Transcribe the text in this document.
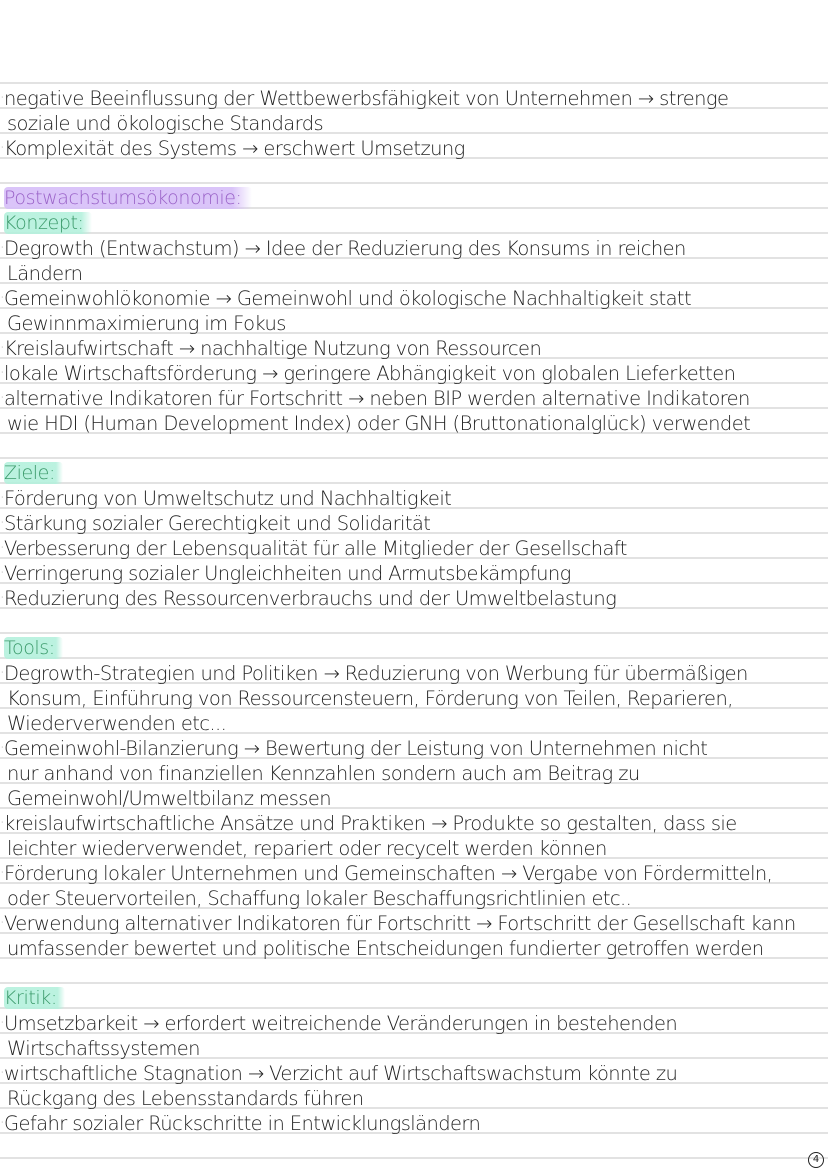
· negative Beeinflussung der Wettbewerbsfähigkeit von Unternehmen → strenge
soziale und ökologische Standards
· Komplexität des Systems → erschwert Umsetzung
Postwachstumsökonomie:
Konzept:
· Degrowth (Entwachstum) → Idee der Reduzierung des Konsums in reichen
Ländern
· Gemeinwohlökonomie → Gemeinwohl und ökologische Nachhaltigkeit statt
Gewinnmaximierung im Fokus
· Kreislaufwirtschaft → nachhaltige Nutzung von Ressourcen
· lokale Wirtschaftsförderung → geringere Abhängigkeit von globalen Lieferketten
· alternative Indikatoren für Fortschritt → neben BIP werden alternative Indikatoren
wie HDI (Human Development Index) oder GNH (Bruttonationalglück) verwendet
Ziele:
· Förderung von Umweltschutz und Nachhaltigkeit
· Stärkung sozialer Gerechtigkeit und Solidarität
· Verbesserung der Lebensqualität für alle Mitglieder der Gesellschaft
· Verringerung sozialer Ungleichheiten und Armutsbekämpfung
· Reduzierung des Ressourcenverbrauchs und der Umweltbelastung
Tools:
· Degrowth-Strategien und Politiken → Reduzierung von Werbung für übermäßigen
Konsum, Einführung von Ressourcensteuern, Förderung von Teilen, Reparieren,
Wiederverwenden etc...
· Gemeinwohl-Bilanzierung → Bewertung der Leistung von Unternehmen nicht
nur anhand von finanziellen Kennzahlen sondern auch am Beitrag zu
Gemeinwohl/Umweltbilanz messen
· kreislaufwirtschaftliche Ansätze und Praktiken → Produkte so gestalten, dass sie
leichter wiederverwendet, repariert oder recycelt werden können
· Förderung lokaler Unternehmen und Gemeinschaften → Vergabe von Fördermitteln,
oder Steuervorteilen, Schaffung lokaler Beschaffungsrichtlinien etc..
· Verwendung alternativer Indikatoren für Fortschritt → Fortschritt der Gesellschaft kann
umfassender bewertet und politische Entscheidungen fundierter getroffen werden
Kritik:
· Umsetzbarkeit → erfordert weitreichende Veränderungen in bestehenden
Wirtschaftssystemen
· wirtschaftliche Stagnation → Verzicht auf Wirtschaftswachstum könnte zu
Rückgang des Lebensstandards führen
· Gefahr sozialer Rückschritte in Entwicklungsländern
4
